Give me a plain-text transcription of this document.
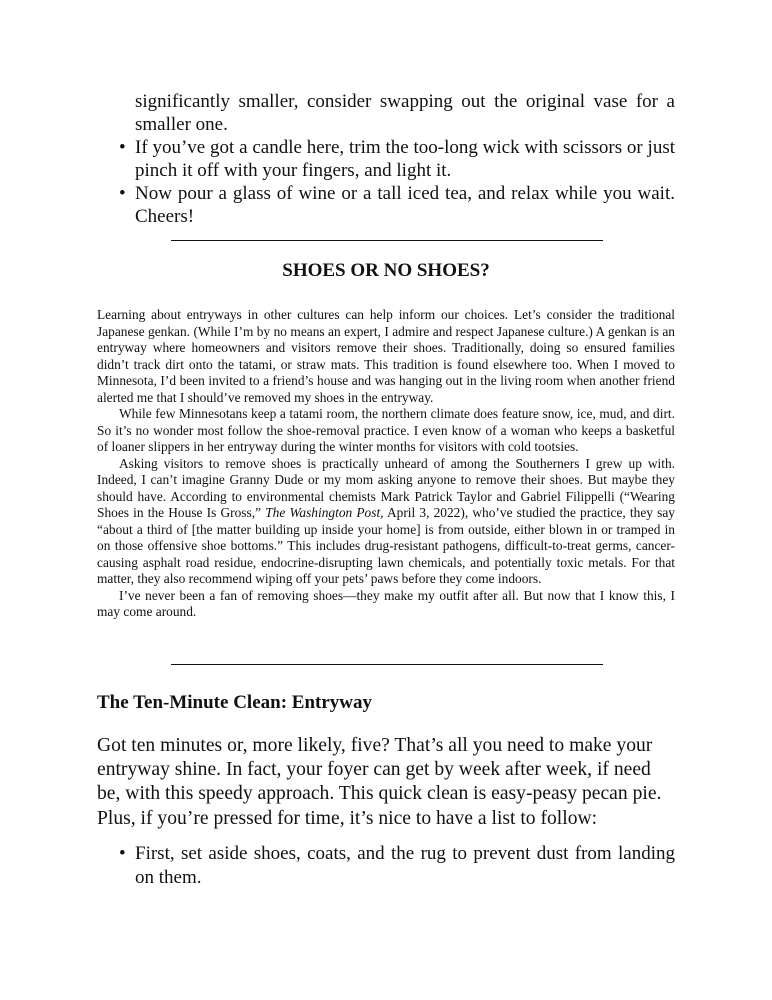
significantly smaller, consider swapping out the original vase for a smaller one.
• If you’ve got a candle here, trim the too-long wick with scissors or just pinch it off with your fingers, and light it.
• Now pour a glass of wine or a tall iced tea, and relax while you wait. Cheers!
SHOES OR NO SHOES?

Learning about entryways in other cultures can help inform our choices. Let’s consider the traditional Japanese genkan. (While I’m by no means an expert, I admire and respect Japanese culture.) A genkan is an entryway where homeowners and visitors remove their shoes. Traditionally, doing so ensured families didn’t track dirt onto the tatami, or straw mats. This tradition is found elsewhere too. When I moved to Minnesota, I’d been invited to a friend’s house and was hanging out in the living room when another friend alerted me that I should’ve removed my shoes in the entryway.

While few Minnesotans keep a tatami room, the northern climate does feature snow, ice, mud, and dirt. So it’s no wonder most follow the shoe-removal practice. I even know of a woman who keeps a basketful of loaner slippers in her entryway during the winter months for visitors with cold tootsies.

Asking visitors to remove shoes is practically unheard of among the Southerners I grew up with. Indeed, I can’t imagine Granny Dude or my mom asking anyone to remove their shoes. But maybe they should have. According to environmental chemists Mark Patrick Taylor and Gabriel Filippelli (“Wearing Shoes in the House Is Gross,” The Washington Post, April 3, 2022), who’ve studied the practice, they say “about a third of [the matter building up inside your home] is from outside, either blown in or tramped in on those offensive shoe bottoms.” This includes drug-resistant pathogens, difficult-to-treat germs, cancer-causing asphalt road residue, endocrine-disrupting lawn chemicals, and potentially toxic metals. For that matter, they also recommend wiping off your pets’ paws before they come indoors.

I’ve never been a fan of removing shoes—they make my outfit after all. But now that I know this, I may come around.

The Ten-Minute Clean: Entryway

Got ten minutes or, more likely, five? That’s all you need to make your entryway shine. In fact, your foyer can get by week after week, if need be, with this speedy approach. This quick clean is easy-peasy pecan pie. Plus, if you’re pressed for time, it’s nice to have a list to follow:

• First, set aside shoes, coats, and the rug to prevent dust from landing on them.
